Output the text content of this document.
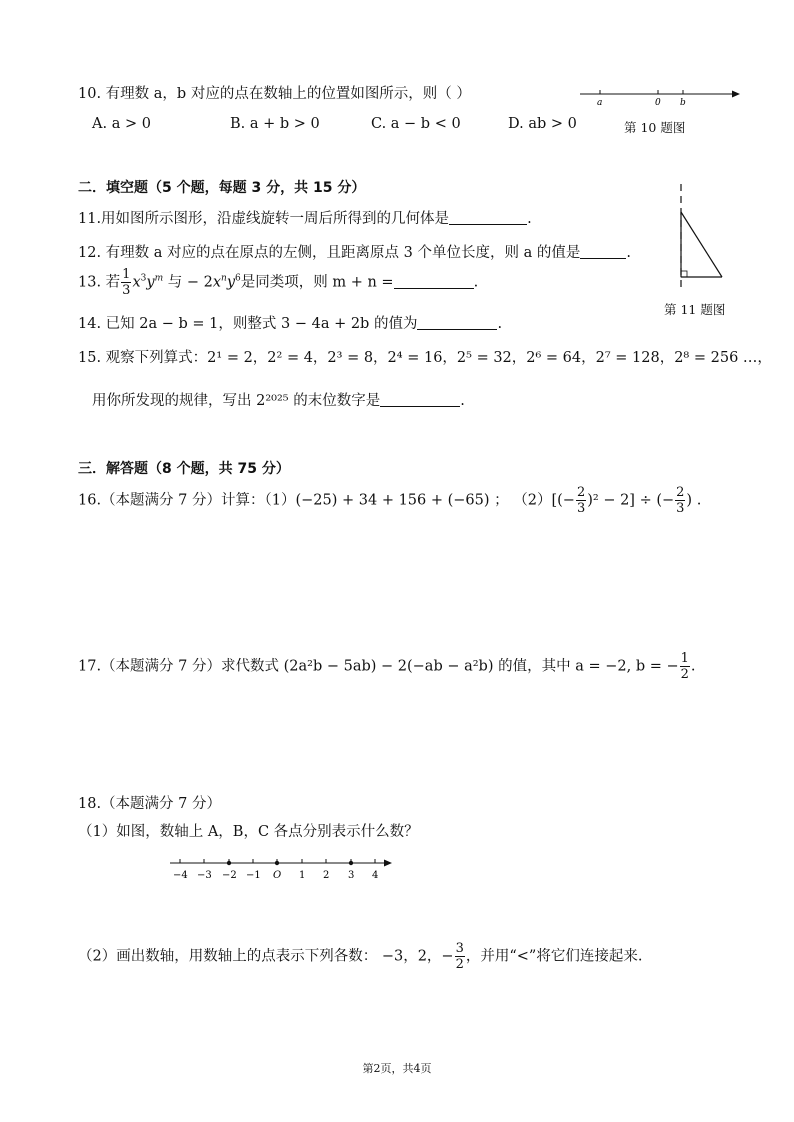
10. 有理数 a，b 对应的点在数轴上的位置如图所示，则（ ）
A. a > 0	B. a + b > 0	C. a − b < 0	D. ab > 0
a	0 b
第 10 题图
二．填空题（5 个题，每题 3 分，共 15 分）
11.用如图所示图形，沿虚线旋转一周后所得到的几何体是	.
12. 有理数 a 对应的点在原点的左侧，且距离原点 3 个单位长度，则 a 的值是	.
13. 若 $\frac{1}{3} x^3y^m$ 与 − $2x^ny^6$是同类项，则 m + n =	.
14. 已知 2a − b = 1，则整式 3 − 4a + 2b 的值为	.
15. 观察下列算式：2¹ = 2，2² = 4，2³ = 8，2⁴ = 16，2⁵ = 32，2⁶ = 64，2⁷ = 128，2⁸ = 256 …，
用你所发现的规律，写出 2²⁰²⁵ 的末位数字是	.
第 11 题图
三．解答题（8 个题，共 75 分）
16.（本题满分 7 分）计算：（1）(−25) + 34 + 156 + (−65) ； $(2)[(- \frac{2}{3} )^2 - 2]$ ÷ (− $\frac{2}{3}$ ) .
17.（本题满分 7 分）求代数式 (2a²b − 5ab) − 2(−ab − a²b) 的值，其中 a = −2, b = − $\frac{1}{2}$ .
18.（本题满分 7 分）
（1）如图，数轴上 A，B，C 各点分别表示什么数？
−4 −3 −2 −1 O 1 2 3 4
（2）画出数轴，用数轴上的点表示下列各数： −3，2，− $\frac{3}{2}$ ，并用“<”将它们连接起来.
第2页，共4页
